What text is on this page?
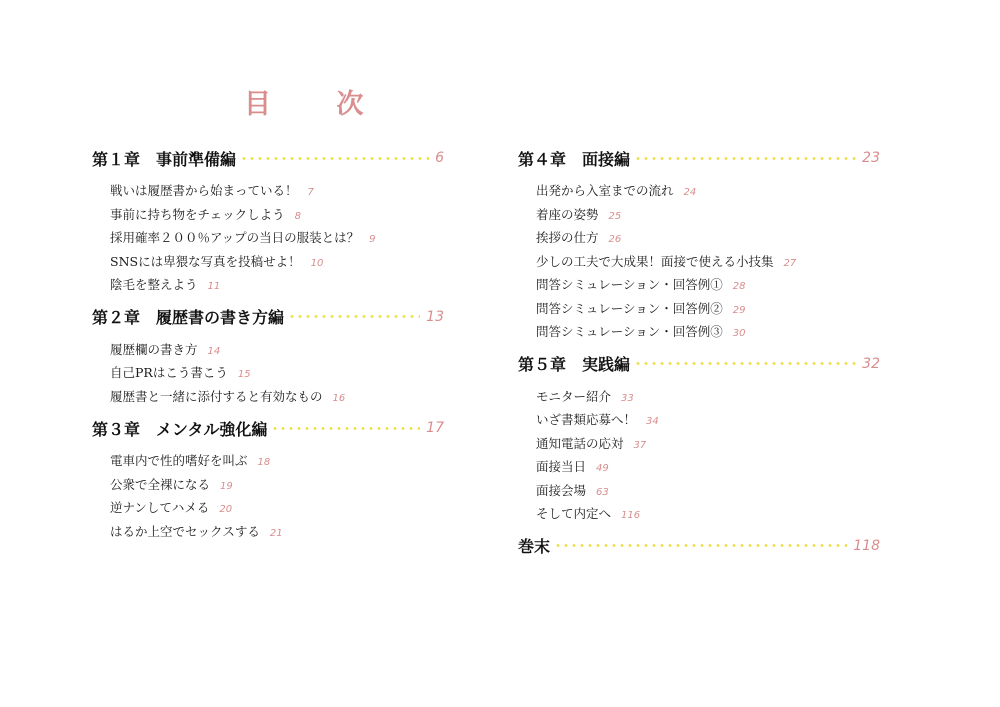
目 次
第１章　事前準備編	6
戦いは履歴書から始まっている！ 7
事前に持ち物をチェックしよう 8
採用確率２００％アップの当日の服装とは？ 9
SNSには卑猥な写真を投稿せよ！ 10
陰毛を整えよう 11
第２章　履歴書の書き方編	13
履歴欄の書き方 14
自己PRはこう書こう 15
履歴書と一緒に添付すると有効なもの 16
第３章　メンタル強化編	17
電車内で性的嗜好を叫ぶ 18
公衆で全裸になる 19
逆ナンしてハメる 20
はるか上空でセックスする 21
第４章　面接編	23
出発から入室までの流れ 24
着座の姿勢 25
挨拶の仕方 26
少しの工夫で大成果！面接で使える小技集 27
問答シミュレーション・回答例① 28
問答シミュレーション・回答例② 29
問答シミュレーション・回答例③ 30
第５章　実践編	32
モニター紹介 33
いざ書類応募へ！ 34
通知電話の応対 37
面接当日 49
面接会場 63
そして内定へ 116
巻末	118
